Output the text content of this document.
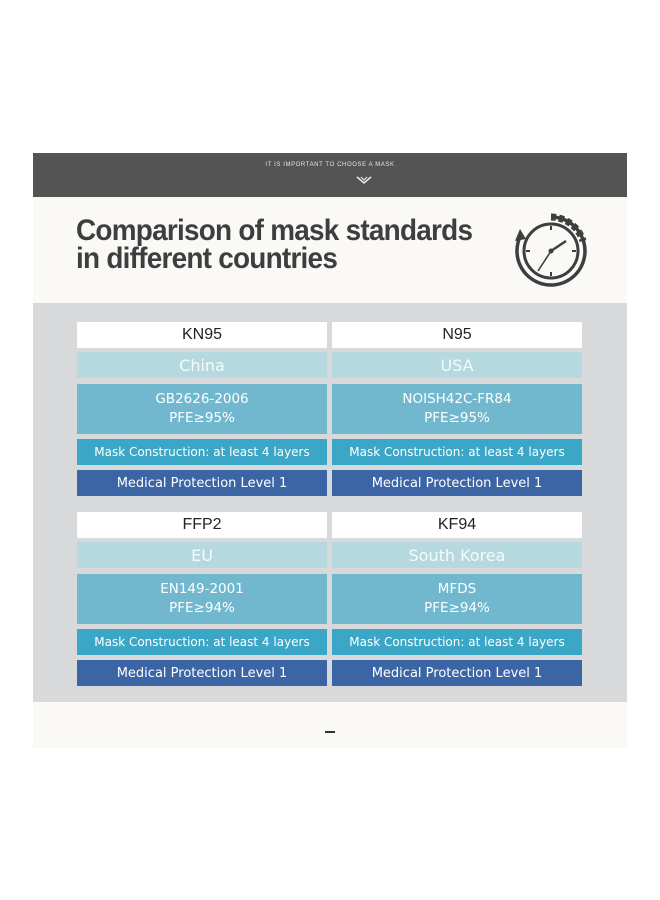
IT IS IMPORTANT TO CHOOSE A MASK
Comparison of mask standards in different countries
KN95
China
GB2626-2006
PFE≥95%
Mask Construction: at least 4 layers
Medical Protection Level 1
N95
USA
NOISH42C-FR84
PFE≥95%
Mask Construction: at least 4 layers
Medical Protection Level 1
FFP2
EU
EN149-2001
PFE≥94%
Mask Construction: at least 4 layers
Medical Protection Level 1
KF94
South Korea
MFDS
PFE≥94%
Mask Construction: at least 4 layers
Medical Protection Level 1
